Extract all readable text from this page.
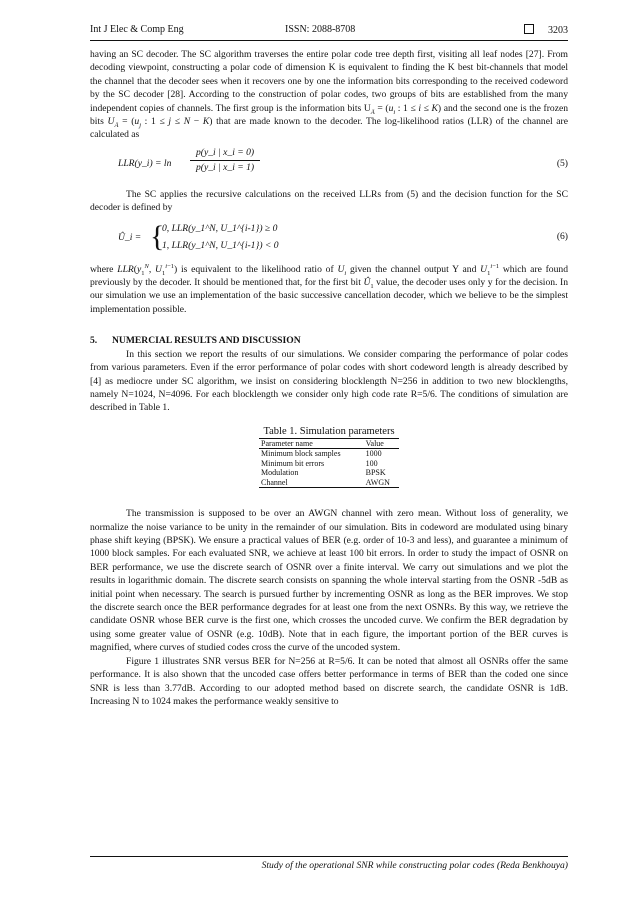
Int J Elec & Comp Eng	ISSN: 2088-8708	3203

having an SC decoder. The SC algorithm traverses the entire polar code tree depth first, visiting all leaf nodes [27]. From decoding viewpoint, constructing a polar code of dimension K is equivalent to finding the K best bit-channels that model the channel that the decoder sees when it recovers one by one the information bits corresponding to the received codeword by the SC decoder [28]. According to the construction of polar codes, two groups of bits are established from the many independent copies of channels. The first group is the information bits $U_Ā = (u_i$ : 1 ≤ i ≤ K) and the second one is the frozen bits $U_Ā = (u_j$ : 1 ≤ j ≤ N − K) that are made known to the decoder. The log-likelihood ratios (LLR) of the channel are calculated as

LLR(y_i) = $\ln \frac{p(y\_i | x\_i = 0)}{p(y\_i | x\_i = 1)}$	(5)

The SC applies the recursive calculations on the received LLRs from (5) and the decision function for the SC decoder is defined by

Û_i = {
0, LLR(y_1^N, U_1^{i-1}) ≥ 0
1, LLR(y_1^N, U_1^{i-1}) < 0
(6)

where $LLR(y_1^N$, $U_1^{i-1}$) is equivalent to the likelihood ratio of $U_i$ given the channel output Y and $U_1^{i-1}$ which are found previously by the decoder. It should be mentioned that, for the first bit $Û_1$ value, the decoder uses only y for the decision. In our simulation we use an implementation of the basic successive cancellation decoder, which we believe to be the simplest implementation possible.

5. NUMERCIAL RESULTS AND DISCUSSION

In this section we report the results of our simulations. We consider comparing the performance of polar codes from various parameters. Even if the error performance of polar codes with short codeword length is already described by [4] as mediocre under SC algorithm, we insist on considering blocklength N=256 in addition to two new blocklengths, namely N=1024, N=4096. For each blocklength we consider only high code rate R=5/6. The conditions of simulation are described in Table 1.

Table 1. Simulation parameters
Parameter name	Value
Minimum block samples	1000
Minimum bit errors	100
Modulation	BPSK
Channel	AWGN

The transmission is supposed to be over an AWGN channel with zero mean. Without loss of generality, we normalize the noise variance to be unity in the remainder of our simulation. Bits in codeword are modulated using binary phase shift keying (BPSK). We ensure a practical values of BER (e.g. order of 10-3 and less), and guarantee a minimum of 1000 block samples. For each evaluated SNR, we achieve at least 100 bit errors. In order to study the impact of OSNR on BER performance, we use the discrete search of OSNR over a finite interval. We carry out simulations and we plot the results in logarithmic domain. The discrete search consists on spanning the whole interval starting from the OSNR -5dB as initial point when necessary. The search is pursued further by incrementing OSNR as long as the BER improves. We stop the discrete search once the BER performance degrades for at least one from the next OSNRs. By this way, we retrieve the candidate OSNR whose BER curve is the first one, which crosses the uncoded curve. We confirm the BER degradation by using some greater value of OSNR (e.g. 10dB). Note that in each figure, the important portion of the BER curves is magnified, where curves of studied codes cross the curve of the uncoded system.

Figure 1 illustrates SNR versus BER for N=256 at R=5/6. It can be noted that almost all OSNRs offer the same performance. It is also shown that the uncoded case offers better performance in terms of BER than the coded one since SNR is less than 3.77dB. According to our adopted method based on discrete search, the candidate OSNR is 1dB. Increasing N to 1024 makes the performance weakly sensitive to

Study of the operational SNR while constructing polar codes (Reda Benkhouya)
